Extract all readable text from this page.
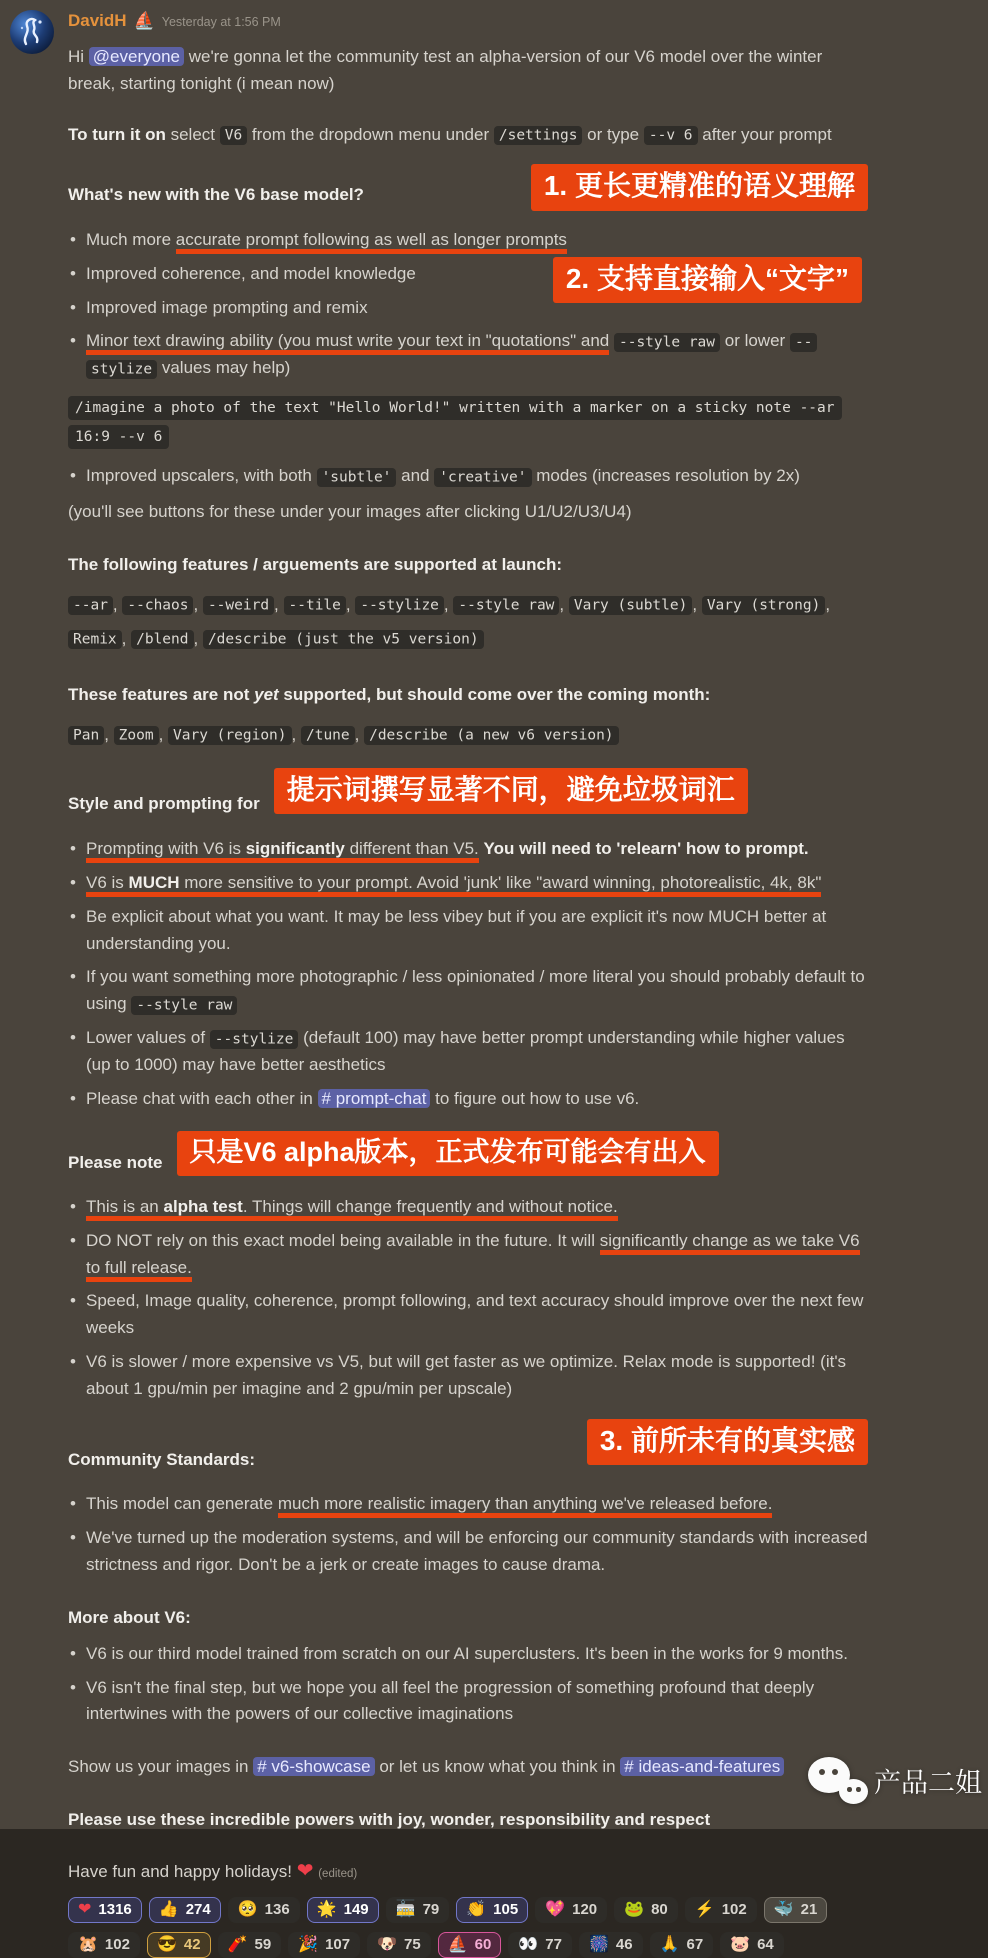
DavidH ⛵ Yesterday at 1:56 PM

Hi @everyone we're gonna let the community test an alpha-version of our V6 model over the winter break, starting tonight (i mean now)

To turn it on select V6 from the dropdown menu under /settings or type --v 6 after your prompt

What's new with the V6 base model?	1. 更长更精准的语义理解
• Much more accurate prompt following as well as longer prompts
• Improved coherence, and model knowledge
• Improved image prompting and remix
• Minor text drawing ability (you must write your text in "quotations" and --style raw or lower --stylize values may help)
2. 支持直接输入“文字”

/imagine a photo of the text "Hello World!" written with a marker on a sticky note --ar 16:9 --v 6

• Improved upscalers, with both 'subtle' and 'creative' modes (increases resolution by 2x)

(you'll see buttons for these under your images after clicking U1/U2/U3/U4)

The following features / arguements are supported at launch:

--ar , --chaos , --weird , --tile , --stylize , --style raw , Vary (subtle) , Vary (strong) , Remix , /blend , /describe (just the v5 version)

These features are not yet supported, but should come over the coming month:

Pan , Zoom , Vary (region) , /tune , /describe (a new v6 version)

Style and prompting for 提示词撰写显著不同，避免垃圾词汇
• Prompting with V6 is significantly different than V5. You will need to 'relearn' how to prompt.
• V6 is MUCH more sensitive to your prompt. Avoid 'junk' like "award winning, photorealistic, 4k, 8k"
• Be explicit about what you want. It may be less vibey but if you are explicit it's now MUCH better at understanding you.
• If you want something more photographic / less opinionated / more literal you should probably default to using --style raw
• Lower values of --stylize (default 100) may have better prompt understanding while higher values (up to 1000) may have better aesthetics
• Please chat with each other in # prompt-chat to figure out how to use v6.
Please note	只是V6 alpha版本，正式发布可能会有出入
• This is an alpha test. Things will change frequently and without notice.
• DO NOT rely on this exact model being available in the future. It will significantly change as we take V6 to full release.
• Speed, Image quality, coherence, prompt following, and text accuracy should improve over the next few weeks
• V6 is slower / more expensive vs V5, but will get faster as we optimize. Relax mode is supported! (it's about 1 gpu/min per imagine and 2 gpu/min per upscale)
Community Standards:
3. 前所未有的真实感
• This model can generate much more realistic imagery than anything we've released before.
• We've turned up the moderation systems, and will be enforcing our community standards with increased strictness and rigor. Don't be a jerk or create images to cause drama.
More about V6:
• V6 is our third model trained from scratch on our AI superclusters. It's been in the works for 9 months.
• V6 isn't the final step, but we hope you all feel the progression of something profound that deeply intertwines with the powers of our collective imaginations

Show us your images in # v6-showcase or let us know what you think in # ideas-and-features

Please use these incredible powers with joy, wonder, responsibility and respect

Have fun and happy holidays! ❤ (edited)

❤ 1316 👍 274 🥺 136 🌟 149 🚋 79 👏 105 💖 120 🐸 80 ⚡ 102 🐳 21
🐹 102 😎 42 🧨 59 🎉 107 🐶 75 ⛵ 60 👀 77 🎆 46 🙏 67 🐷 64
产品二姐
